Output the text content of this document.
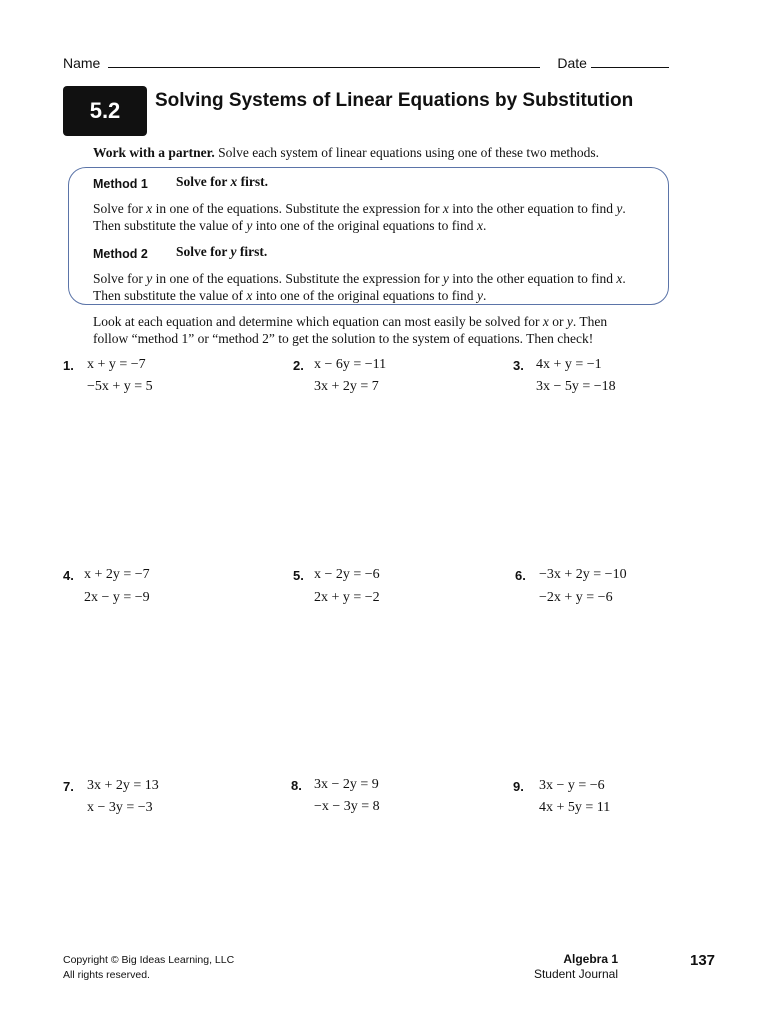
Name	Date
5.2 Solving Systems of Linear Equations by Substitution
Work with a partner. Solve each system of linear equations using one of these two methods.
Method 1 Solve for x first.
Solve for x in one of the equations. Substitute the expression for x into the other equation to find y.
Then substitute the value of y into one of the original equations to find x.
Method 2 Solve for y first.
Solve for y in one of the equations. Substitute the expression for y into the other equation to find x.
Then substitute the value of x into one of the original equations to find y.
Look at each equation and determine which equation can most easily be solved for x or y. Then
follow “method 1” or “method 2” to get the solution to the system of equations. Then check!
1. x + y = −7
−5x + y = 5
2. x − 6y = −11
3x + 2y = 7
3. 4x + y = −1
3x − 5y = −18
4. x + 2y = −7
2x − y = −9
5. x − 2y = −6
2x + y = −2
6. −3x + 2y = −10
−2x + y = −6
7. 3x + 2y = 13
x − 3y = −3
8. 3x − 2y = 9
−x − 3y = 8
9. 3x − y = −6
4x + 5y = 11
Copyright © Big Ideas Learning, LLC
All rights reserved.
Algebra 1
Student Journal
137
